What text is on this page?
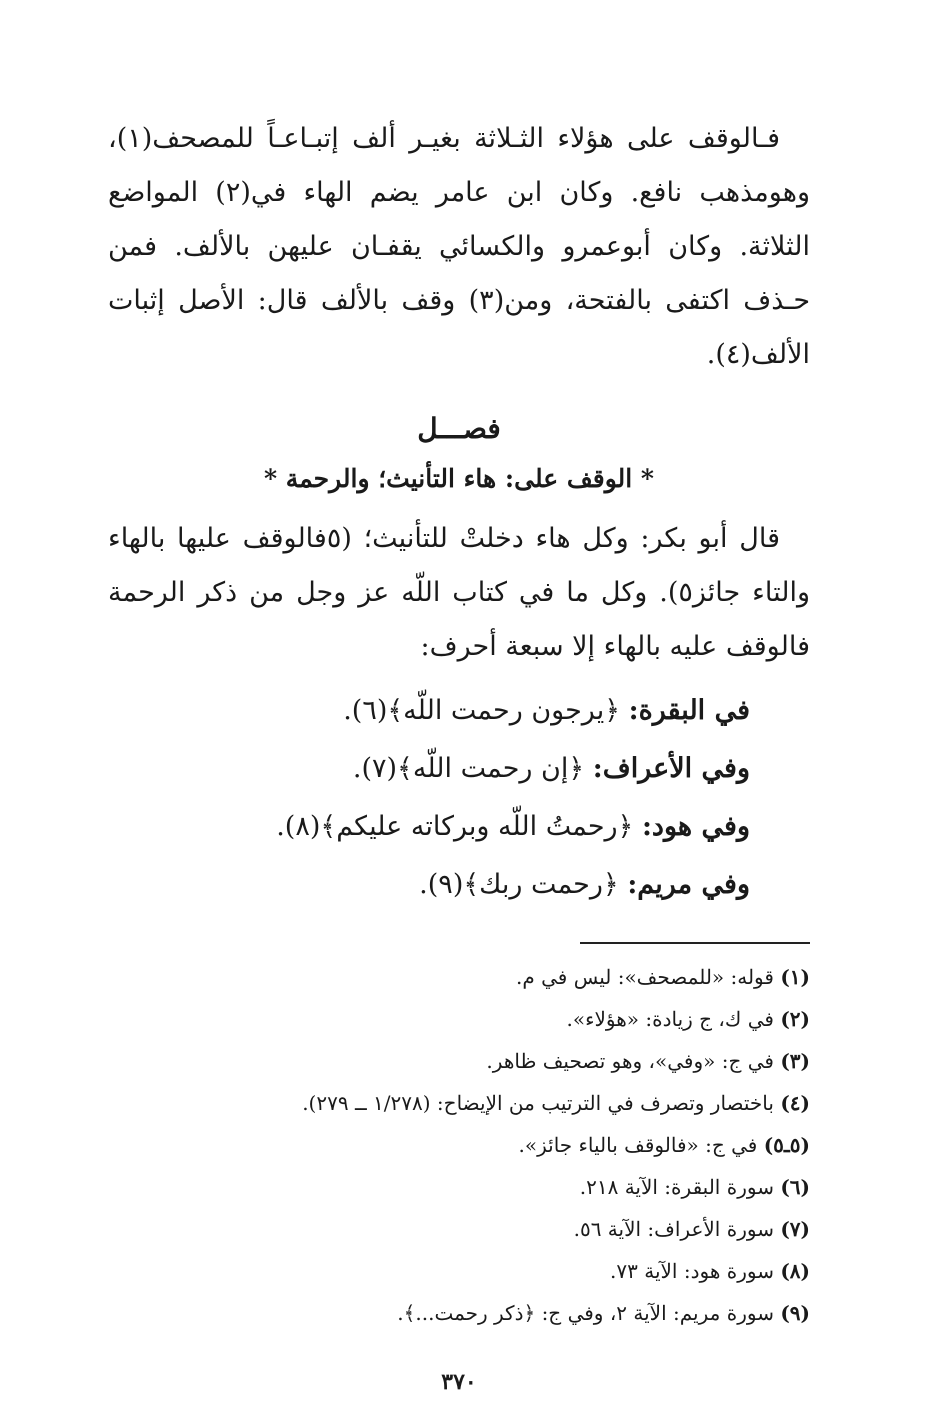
فـالوقف على هؤلاء الثـلاثة بغيـر ألف إتبـاعـاً للمصحف(١)، وهومذهب نافع. وكان ابن عامر يضم الهاء في(٢) المواضع الثلاثة. وكان أبوعمرو والكسائي يقفـان عليهن بالألف. فمن حـذف اكتفى بالفتحة، ومن(٣) وقف بالألف قال: الأصل إثبات الألف(٤).

فصـــل

* الوقف على: هاء التأنيث؛ والرحمة *

قال أبو بكر: وكل هاء دخلتْ للتأنيث؛ (٥فالوقف عليها بالهاء والتاء جائز٥). وكل ما في كتاب اللّه عز وجل من ذكر الرحمة فالوقف عليه بالهاء إلا سبعة أحرف:

في البقرة: ﴿يرجون رحمت اللّه﴾(٦).
وفي الأعراف: ﴿إن رحمت اللّه﴾(٧).
وفي هود: ﴿رحمتُ اللّه وبركاته عليكم﴾(٨).
وفي مريم: ﴿رحمت ربك﴾(٩).
(١) قوله: «للمصحف»: ليس في م.
(٢) في ك، ج زيادة: «هؤلاء».
(٣) في ج: «وفي»، وهو تصحيف ظاهر.
(٤) باختصار وتصرف في الترتيب من الإيضاح: (١/٢٧٨ ــ ٢٧٩).
(٥ـ٥) في ج: «فالوقف بالياء جائز».
(٦) سورة البقرة: الآية ٢١٨.
(٧) سورة الأعراف: الآية ٥٦.
(٨) سورة هود: الآية ٧٣.
(٩) سورة مريم: الآية ٢، وفي ج: ﴿ذكر رحمت...﴾.
٣٧٠
